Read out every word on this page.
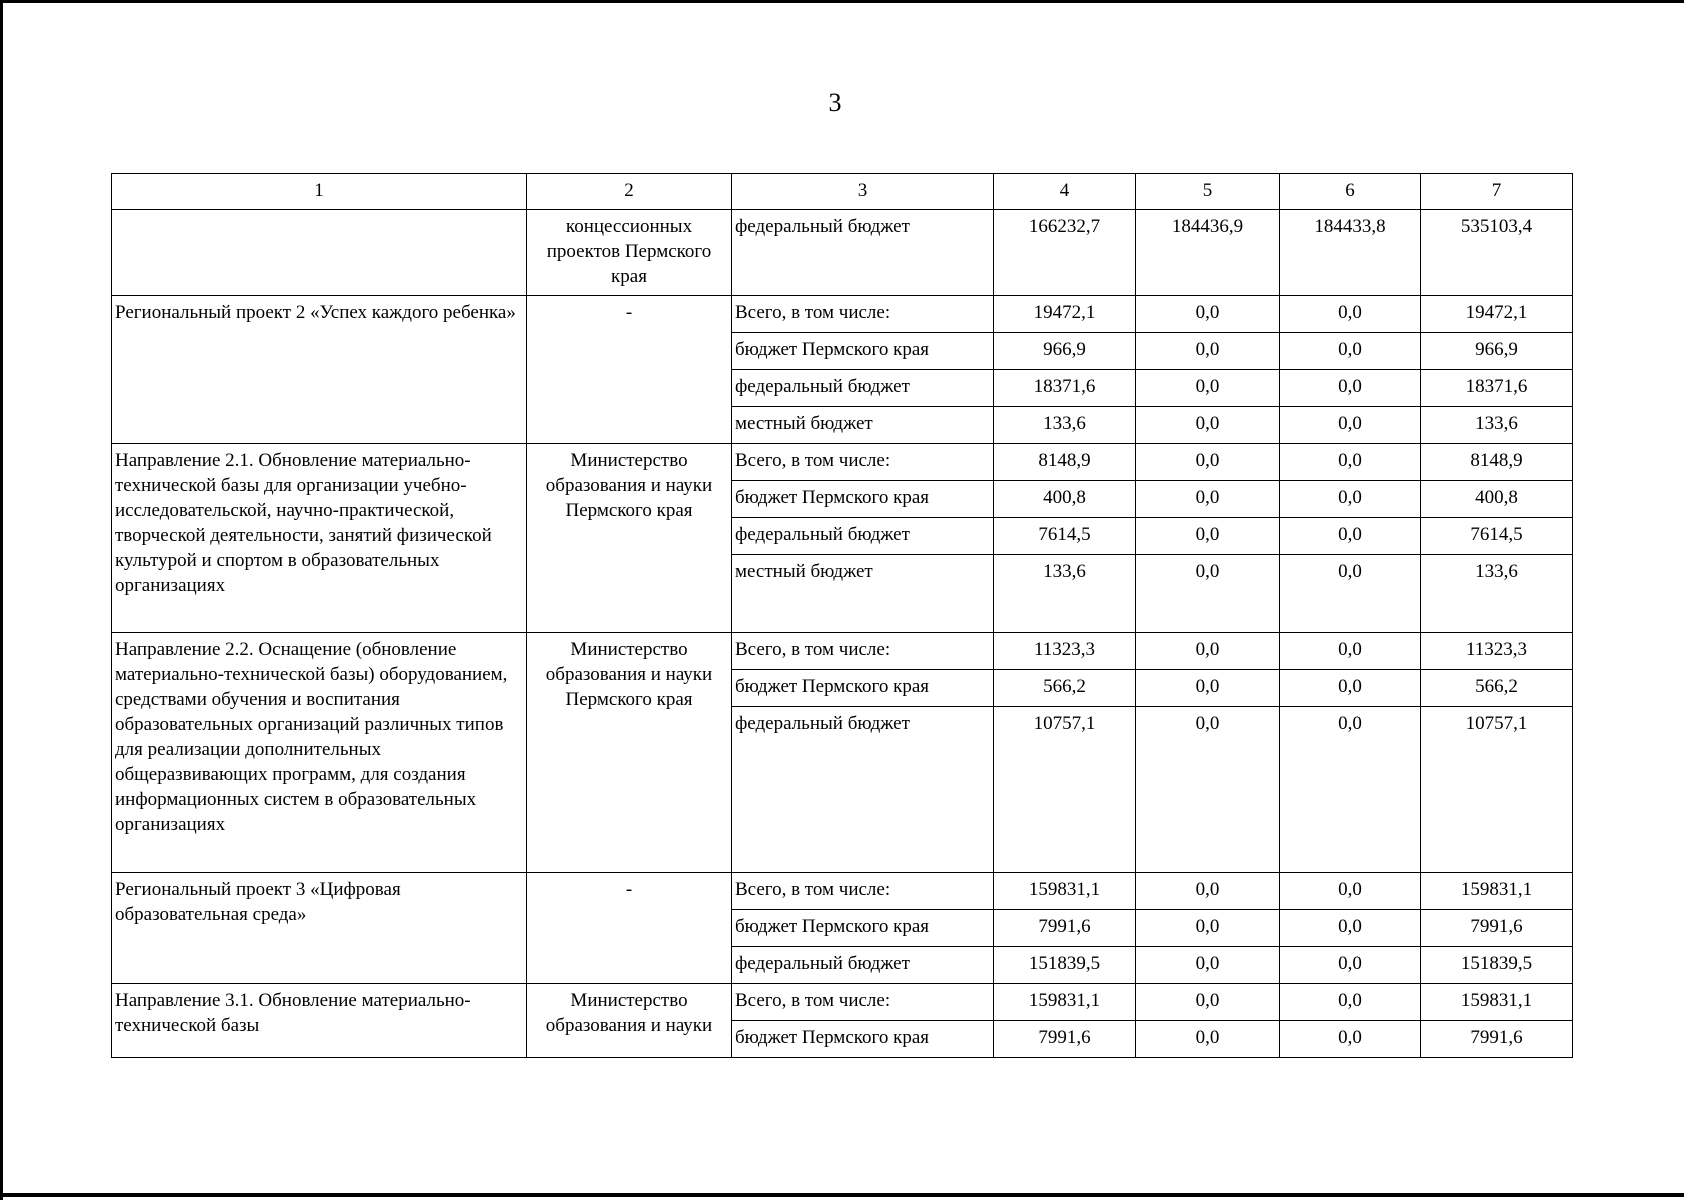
3
1	2	3	4	5	6	7
	концессионных проектов Пермского края	федеральный бюджет	166232,7	184436,9	184433,8	535103,4
Региональный проект 2 «Успех каждого ребенка»	-	Всего, в том числе:	19472,1	0,0	0,0	19472,1
		бюджет Пермского края	966,9	0,0	0,0	966,9
		федеральный бюджет	18371,6	0,0	0,0	18371,6
		местный бюджет	133,6	0,0	0,0	133,6
Направление 2.1. Обновление материально-технической базы для организации учебно-исследовательской, научно-практической, творческой деятельности, занятий физической культурой и спортом в образовательных организациях	Министерство образования и науки Пермского края	Всего, в том числе:	8148,9	0,0	0,0	8148,9
		бюджет Пермского края	400,8	0,0	0,0	400,8
		федеральный бюджет	7614,5	0,0	0,0	7614,5
		местный бюджет	133,6	0,0	0,0	133,6
Направление 2.2. Оснащение (обновление материально-технической базы) оборудованием, средствами обучения и воспитания образовательных организаций различных типов для реализации дополнительных общеразвивающих программ, для создания информационных систем в образовательных организациях	Министерство образования и науки Пермского края	Всего, в том числе:	11323,3	0,0	0,0	11323,3
		бюджет Пермского края	566,2	0,0	0,0	566,2
		федеральный бюджет	10757,1	0,0	0,0	10757,1
Региональный проект 3 «Цифровая образовательная среда»	-	Всего, в том числе:	159831,1	0,0	0,0	159831,1
		бюджет Пермского края	7991,6	0,0	0,0	7991,6
		федеральный бюджет	151839,5	0,0	0,0	151839,5
Направление 3.1. Обновление материально-технической базы	Министерство образования и науки	Всего, в том числе:	159831,1	0,0	0,0	159831,1
		бюджет Пермского края	7991,6	0,0	0,0	7991,6
